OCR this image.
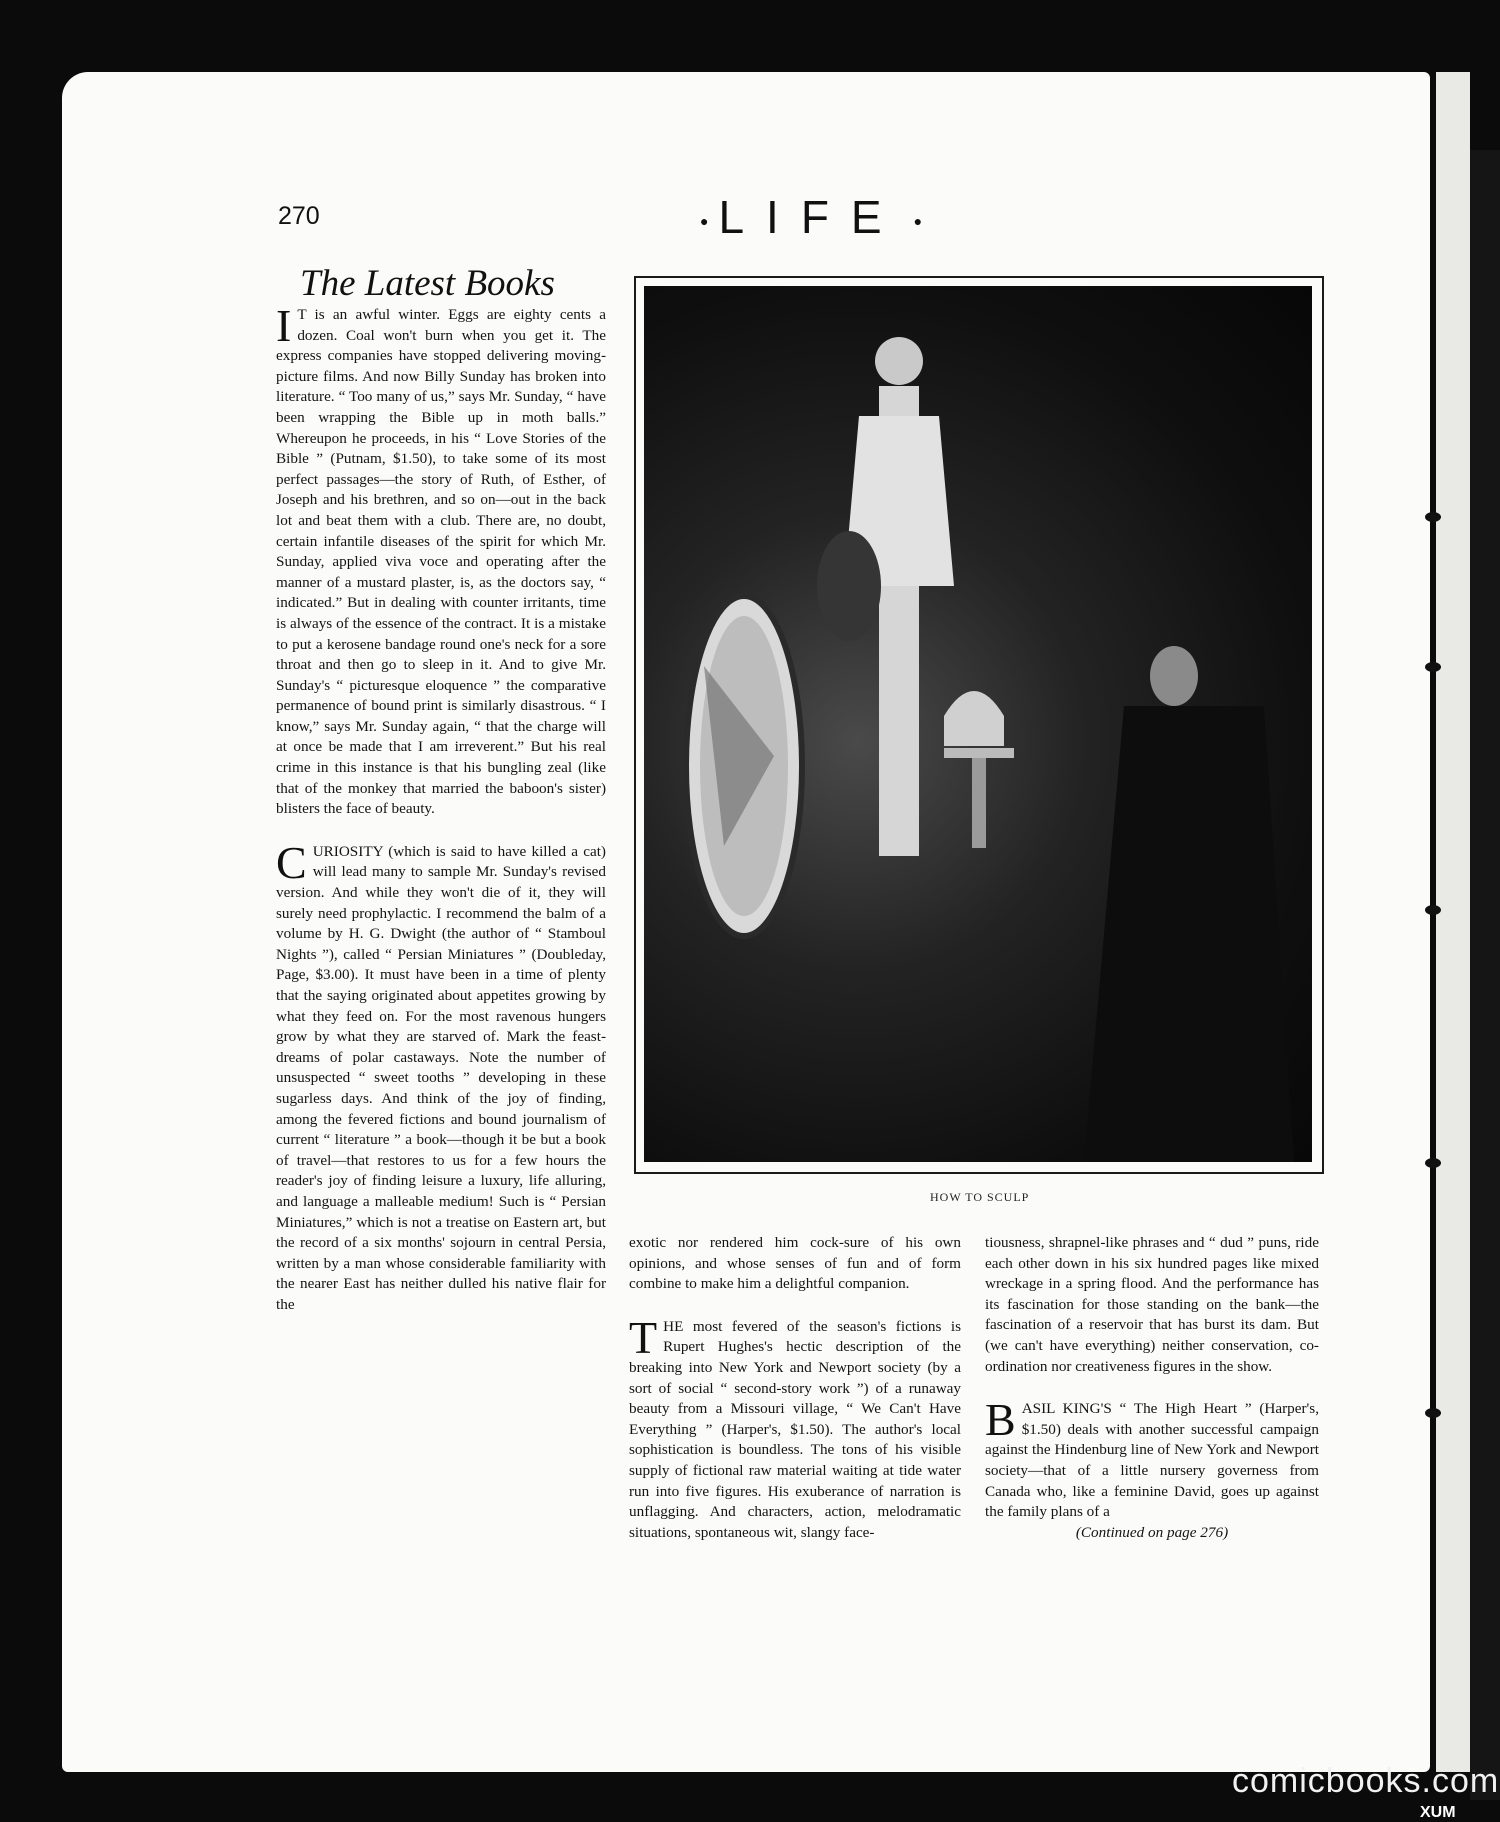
270	● LIFE ●
The Latest Books

I T is an awful winter. Eggs are eighty cents a dozen. Coal won't burn when you get it. The express companies have stopped delivering moving-picture films. And now Billy Sunday has broken into literature. “ Too many of us,” says Mr. Sunday, “ have been wrapping the Bible up in moth balls.” Whereupon he proceeds, in his “ Love Stories of the Bible ” (Putnam, $1.50), to take some of its most perfect passages—the story of Ruth, of Esther, of Joseph and his brethren, and so on—out in the back lot and beat them with a club. There are, no doubt, certain infantile diseases of the spirit for which Mr. Sunday, applied viva voce and operating after the manner of a mustard plaster, is, as the doctors say, “ indicated.” But in dealing with counter irritants, time is always of the essence of the contract. It is a mistake to put a kerosene bandage round one's neck for a sore throat and then go to sleep in it. And to give Mr. Sunday's “ picturesque eloquence ” the comparative permanence of bound print is similarly disastrous. “ I know,” says Mr. Sunday again, “ that the charge will at once be made that I am irreverent.” But his real crime in this instance is that his bungling zeal (like that of the monkey that married the baboon's sister) blisters the face of beauty.

CURIOSITY (which is said to have killed a cat) will lead many to sample Mr. Sunday's revised version. And while they won't die of it, they will surely need prophylactic. I recommend the balm of a volume by H. G. Dwight (the author of “ Stamboul Nights ”), called “ Persian Miniatures ” (Doubleday, Page, $3.00). It must have been in a time of plenty that the saying originated about appetites growing by what they feed on. For the most ravenous hungers grow by what they are starved of. Mark the feast-dreams of polar castaways. Note the number of unsuspected “ sweet tooths ” developing in these sugarless days. And think of the joy of finding, among the fevered fictions and bound journalism of current “ literature ” a book—though it be but a book of travel—that restores to us for a few hours the reader's joy of finding leisure a luxury, life alluring, and language a malleable medium! Such is “ Persian Miniatures,” which is not a treatise on Eastern art, but the record of a six months' sojourn in central Persia, written by a man whose considerable familiarity with the nearer East has neither dulled his native flair for the

HOW TO SCULP

exotic nor rendered him cock-sure of his own opinions, and whose senses of fun and of form combine to make him a delightful companion.

THE most fevered of the season's fictions is Rupert Hughes's hectic description of the breaking into New York and Newport society (by a sort of social “ second-story work ”) of a runaway beauty from a Missouri village, “ We Can't Have Everything ” (Harper's, $1.50). The author's local sophistication is boundless. The tons of his visible supply of fictional raw material waiting at tide water run into five figures. His exuberance of narration is unflagging. And characters, action, melodramatic situations, spontaneous wit, slangy face-

tiousness, shrapnel-like phrases and “ dud ” puns, ride each other down in his six hundred pages like mixed wreckage in a spring flood. And the performance has its fascination for those standing on the bank—the fascination of a reservoir that has burst its dam. But (we can't have everything) neither conservation, co-ordination nor creativeness figures in the show.

BASIL KING'S “ The High Heart ” (Harper's, $1.50) deals with another successful campaign against the Hindenburg line of New York and Newport society—that of a little nursery governess from Canada who, like a feminine David, goes up against the family plans of a

(Continued on page 276)
comicbooks.com
XUM
